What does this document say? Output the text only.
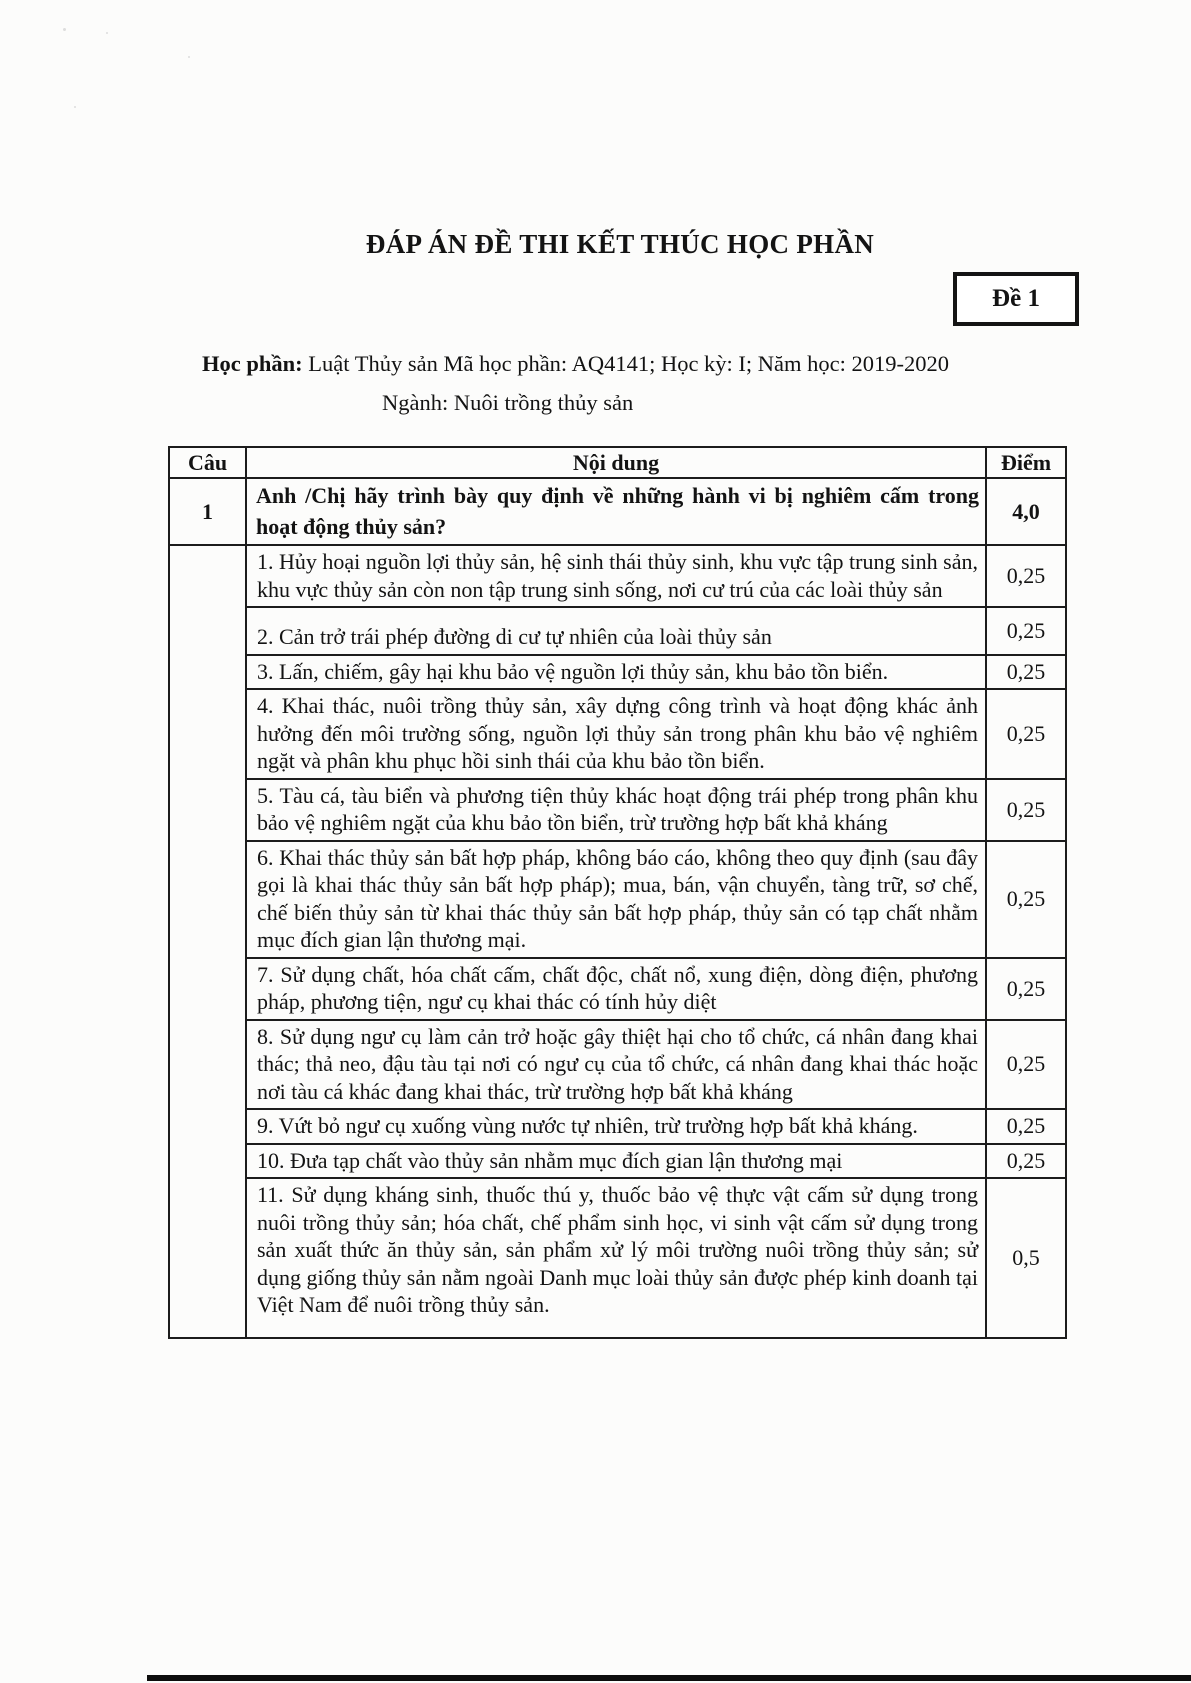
ĐÁP ÁN ĐỀ THI KẾT THÚC HỌC PHẦN
Đề 1
Học phần: Luật Thủy sản Mã học phần: AQ4141; Học kỳ: I; Năm học: 2019-2020
Ngành: Nuôi trồng thủy sản
Câu	Nội dung	Điểm
1	Anh /Chị hãy trình bày quy định về những hành vi bị nghiêm cấm trong hoạt động thủy sản?	4,0
	1. Hủy hoại nguồn lợi thủy sản, hệ sinh thái thủy sinh, khu vực tập trung sinh sản, khu vực thủy sản còn non tập trung sinh sống, nơi cư trú của các loài thủy sản	0,25
	2. Cản trở trái phép đường di cư tự nhiên của loài thủy sản	0,25
	3. Lấn, chiếm, gây hại khu bảo vệ nguồn lợi thủy sản, khu bảo tồn biển.	0,25
	4. Khai thác, nuôi trồng thủy sản, xây dựng công trình và hoạt động khác ảnh hưởng đến môi trường sống, nguồn lợi thủy sản trong phân khu bảo vệ nghiêm ngặt và phân khu phục hồi sinh thái của khu bảo tồn biển.	0,25
	5. Tàu cá, tàu biển và phương tiện thủy khác hoạt động trái phép trong phân khu bảo vệ nghiêm ngặt của khu bảo tồn biển, trừ trường hợp bất khả kháng	0,25
	6. Khai thác thủy sản bất hợp pháp, không báo cáo, không theo quy định (sau đây gọi là khai thác thủy sản bất hợp pháp); mua, bán, vận chuyển, tàng trữ, sơ chế, chế biến thủy sản từ khai thác thủy sản bất hợp pháp, thủy sản có tạp chất nhằm mục đích gian lận thương mại.	0,25
	7. Sử dụng chất, hóa chất cấm, chất độc, chất nổ, xung điện, dòng điện, phương pháp, phương tiện, ngư cụ khai thác có tính hủy diệt	0,25
	8. Sử dụng ngư cụ làm cản trở hoặc gây thiệt hại cho tổ chức, cá nhân đang khai thác; thả neo, đậu tàu tại nơi có ngư cụ của tổ chức, cá nhân đang khai thác hoặc nơi tàu cá khác đang khai thác, trừ trường hợp bất khả kháng	0,25
	9. Vứt bỏ ngư cụ xuống vùng nước tự nhiên, trừ trường hợp bất khả kháng.	0,25
	10. Đưa tạp chất vào thủy sản nhằm mục đích gian lận thương mại	0,25
	11. Sử dụng kháng sinh, thuốc thú y, thuốc bảo vệ thực vật cấm sử dụng trong nuôi trồng thủy sản; hóa chất, chế phẩm sinh học, vi sinh vật cấm sử dụng trong sản xuất thức ăn thủy sản, sản phẩm xử lý môi trường nuôi trồng thủy sản; sử dụng giống thủy sản nằm ngoài Danh mục loài thủy sản được phép kinh doanh tại Việt Nam để nuôi trồng thủy sản.	0,5
